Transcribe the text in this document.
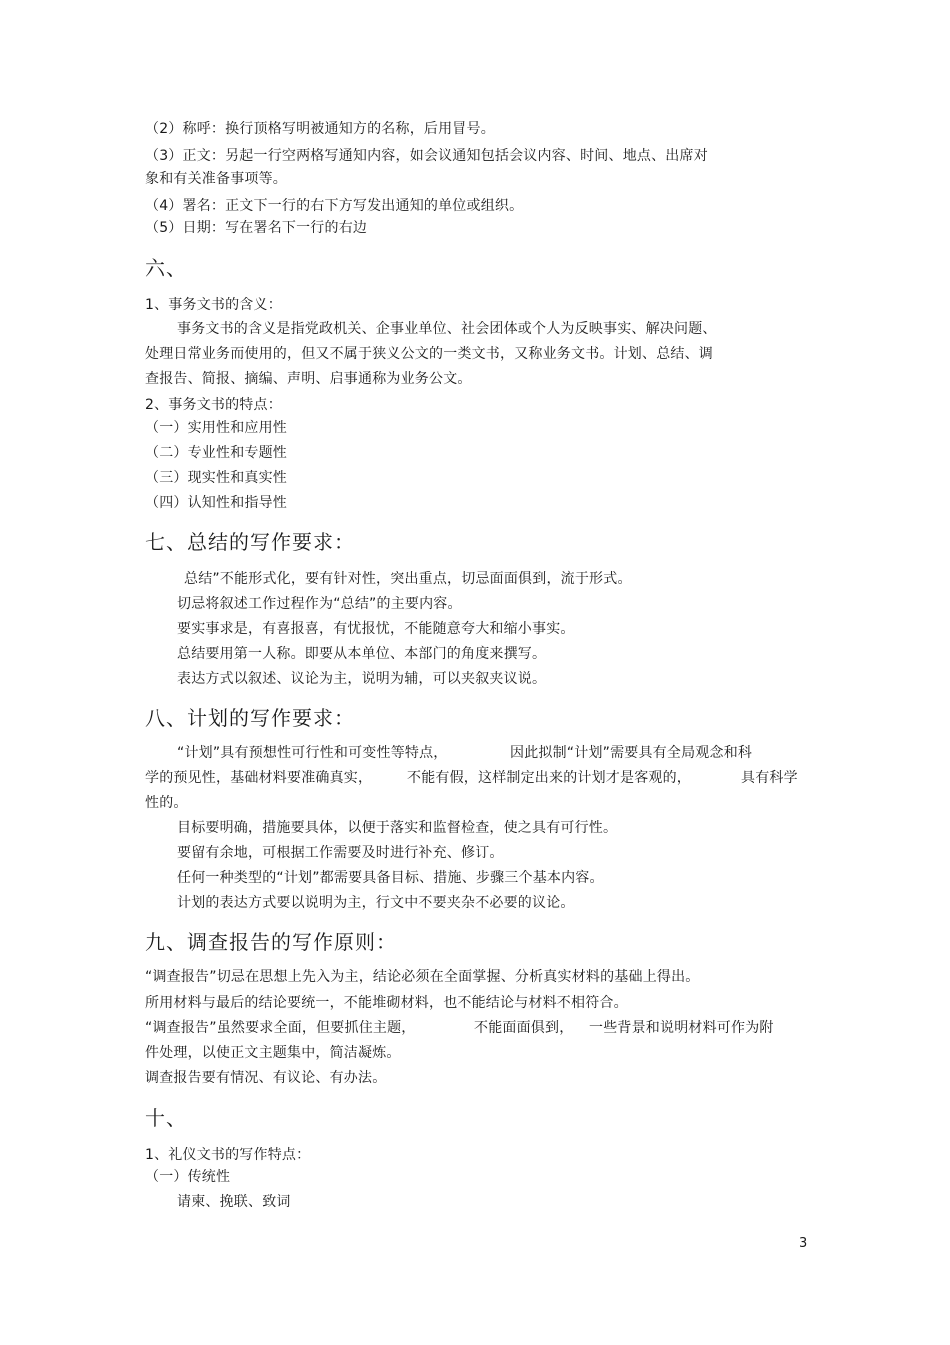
（2）称呼：换行顶格写明被通知方的名称，后用冒号。
（3）正文：另起一行空两格写通知内容，如会议通知包括会议内容、时间、地点、出席对
象和有关准备事项等。
（4）署名：正文下一行的右下方写发出通知的单位或组织。
（5）日期：写在署名下一行的右边
六、
1、事务文书的含义：
事务文书的含义是指党政机关、企事业单位、社会团体或个人为反映事实、解决问题、
处理日常业务而使用的，但又不属于狭义公文的一类文书，又称业务文书。计划、总结、调
查报告、简报、摘编、声明、启事通称为业务公文。
2、事务文书的特点：
（一）实用性和应用性
（二）专业性和专题性
（三）现实性和真实性
（四）认知性和指导性
七、总结的写作要求：
总结”不能形式化，要有针对性，突出重点，切忌面面俱到，流于形式。
切忌将叙述工作过程作为“总结”的主要内容。
要实事求是，有喜报喜，有忧报忧，不能随意夸大和缩小事实。
总结要用第一人称。即要从本单位、本部门的角度来撰写。
表达方式以叙述、议论为主，说明为辅，可以夹叙夹议说。
八、计划的写作要求：
“计划”具有预想性可行性和可变性等特点，	因此拟制“计划”需要具有全局观念和科
学的预见性，基础材料要准确真实， 不能有假，这样制定出来的计划才是客观的，	具有科学
性的。
目标要明确，措施要具体，以便于落实和监督检查，使之具有可行性。
要留有余地，可根据工作需要及时进行补充、修订。
任何一种类型的“计划”都需要具备目标、措施、步骤三个基本内容。
计划的表达方式要以说明为主，行文中不要夹杂不必要的议论。
九、调查报告的写作原则：
“调查报告”切忌在思想上先入为主，结论必须在全面掌握、分析真实材料的基础上得出。
所用材料与最后的结论要统一，不能堆砌材料，也不能结论与材料不相符合。
“调查报告”虽然要求全面，但要抓住主题，	不能面面俱到， 一些背景和说明材料可作为附
件处理，以使正文主题集中，简洁凝炼。
调查报告要有情况、有议论、有办法。
十、
1、礼仪文书的写作特点：
（一）传统性
请柬、挽联、致词
3
